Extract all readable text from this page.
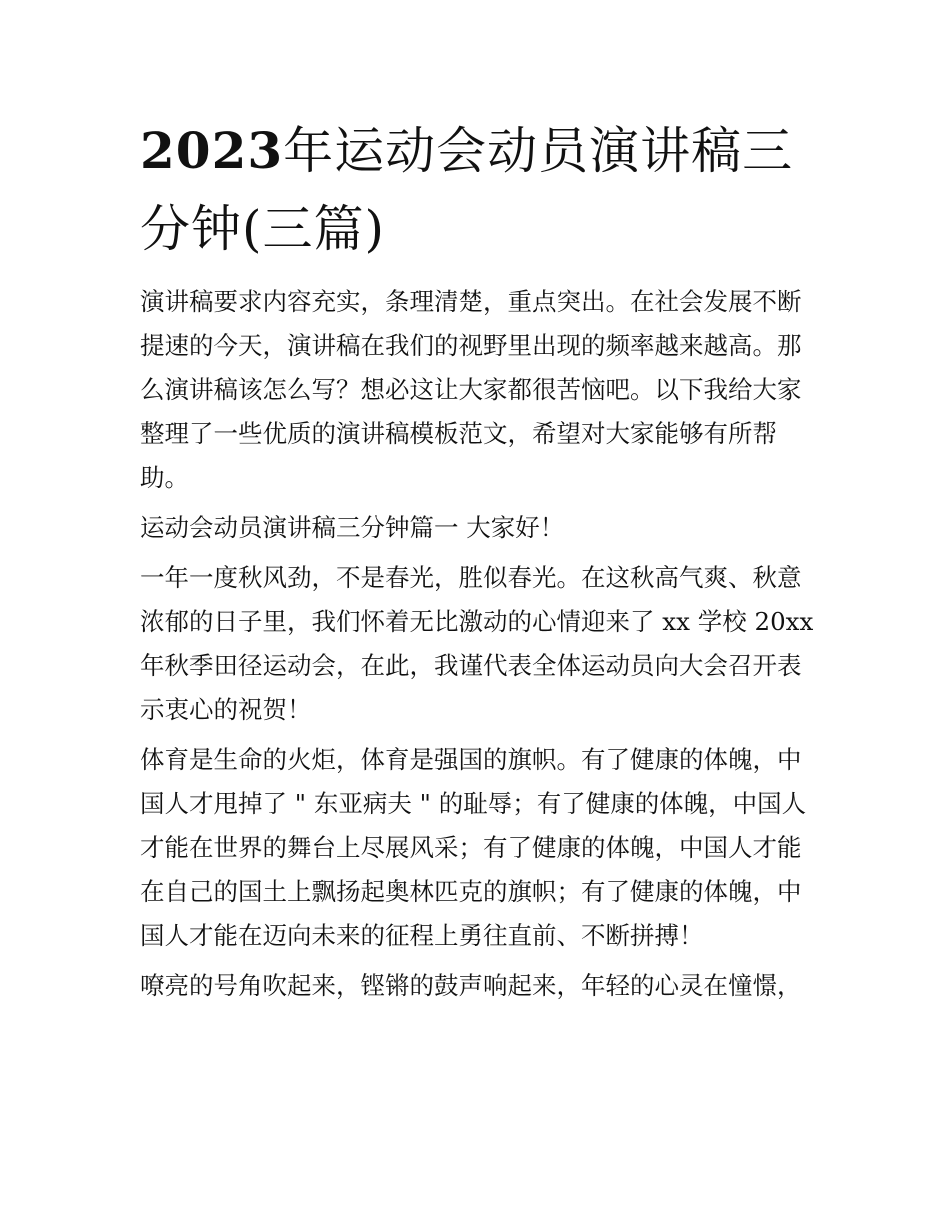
2023年运动会动员演讲稿三分钟(三篇)

演讲稿要求内容充实，条理清楚，重点突出。在社会发展不断提速的今天，演讲稿在我们的视野里出现的频率越来越高。那么演讲稿该怎么写？想必这让大家都很苦恼吧。以下我给大家整理了一些优质的演讲稿模板范文，希望对大家能够有所帮助。

运动会动员演讲稿三分钟篇一 大家好！

一年一度秋风劲，不是春光，胜似春光。在这秋高气爽、秋意浓郁的日子里，我们怀着无比激动的心情迎来了 xx 学校 20xx 年秋季田径运动会，在此，我谨代表全体运动员向大会召开表示衷心的祝贺！

体育是生命的火炬，体育是强国的旗帜。有了健康的体魄，中国人才甩掉了 " 东亚病夫 " 的耻辱；有了健康的体魄，中国人才能在世界的舞台上尽展风采；有了健康的体魄，中国人才能在自己的国土上飘扬起奥林匹克的旗帜；有了健康的体魄，中国人才能在迈向未来的征程上勇往直前、不断拼搏！

嘹亮的号角吹起来，铿锵的鼓声响起来，年轻的心灵在憧憬，
